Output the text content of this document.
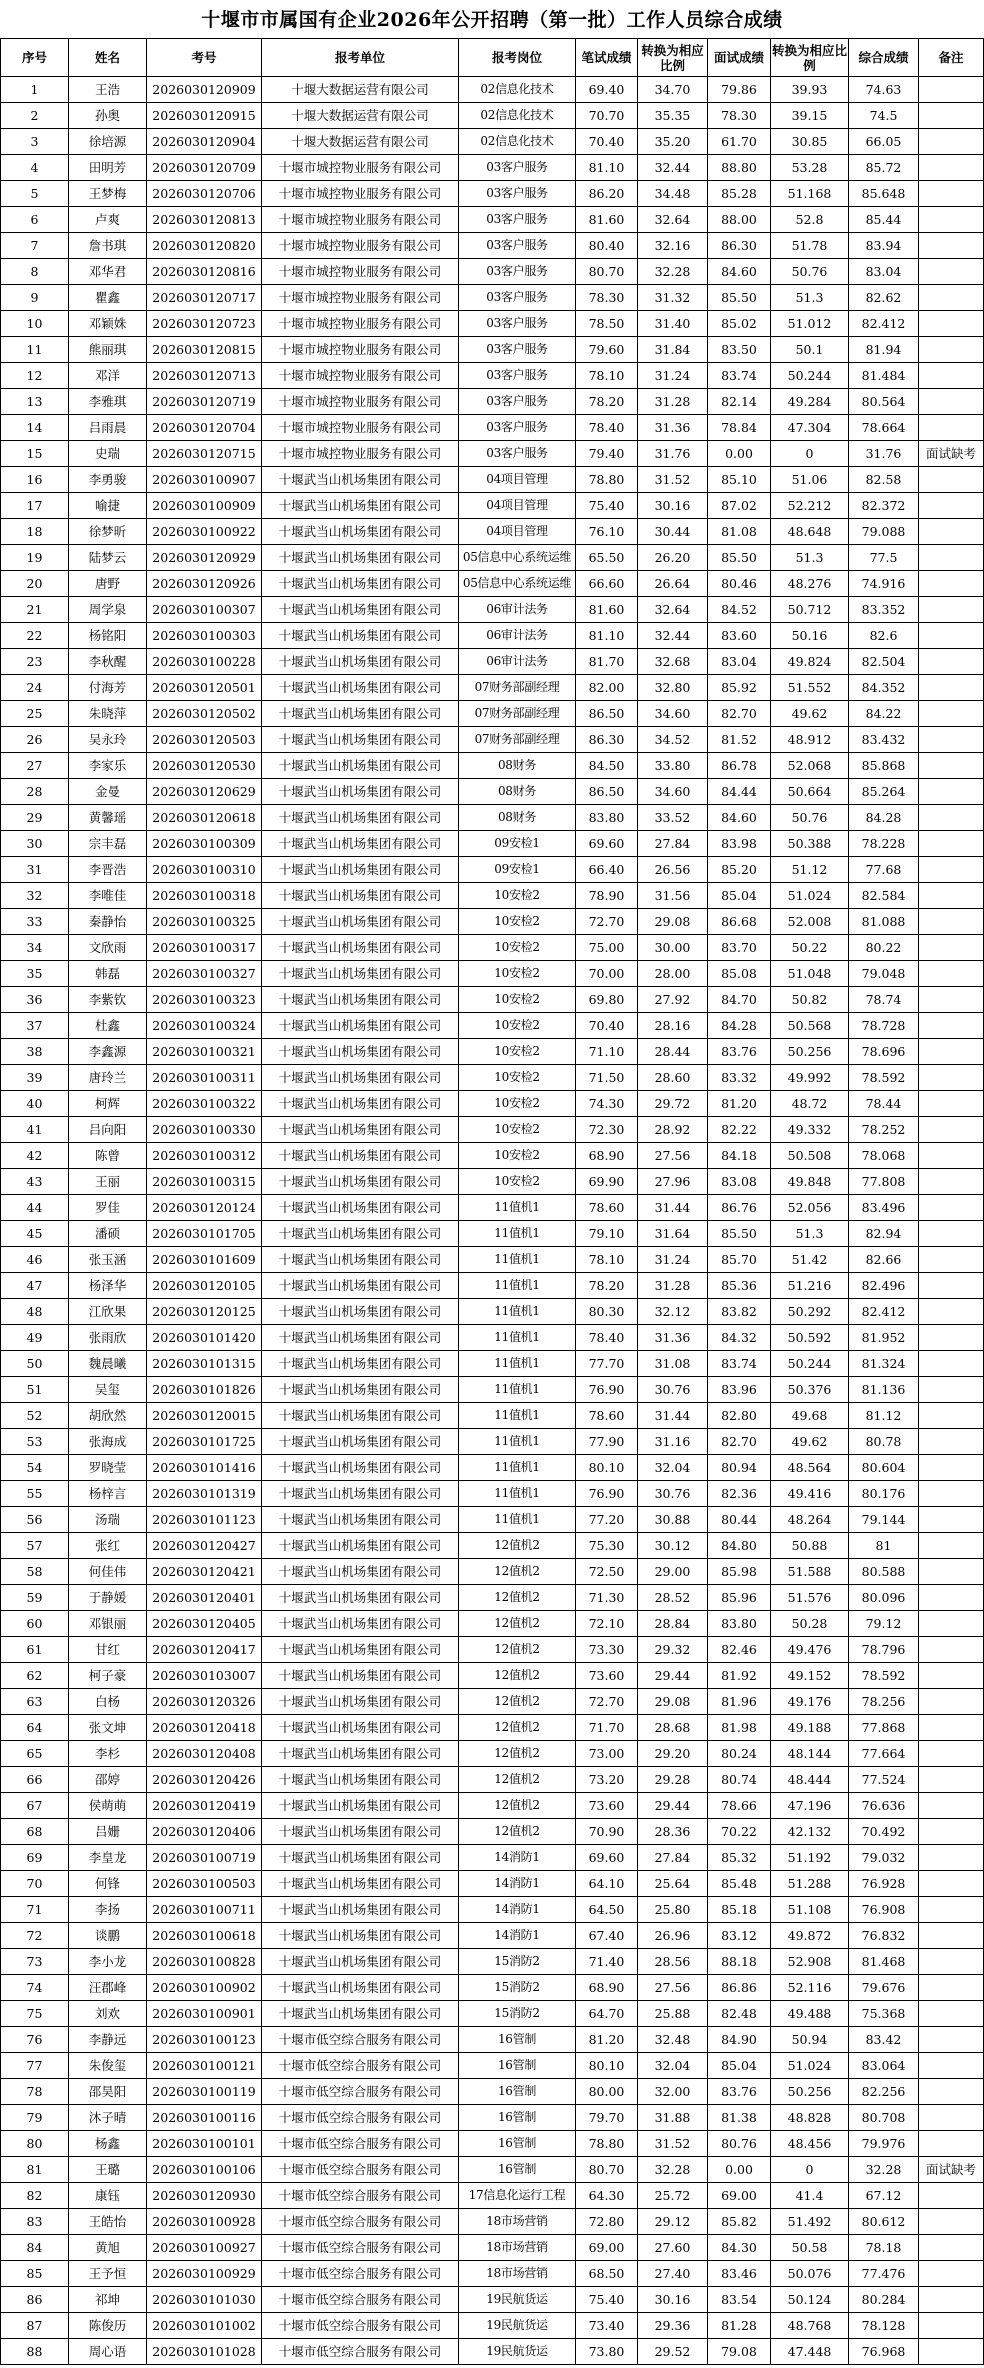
十堰市市属国有企业2026年公开招聘（第一批）工作人员综合成绩
序号	姓名	考号	报考单位	报考岗位	笔试成绩	转换为相应比例	面试成绩	转换为相应比例	综合成绩	备注
1	王浩	2026030120909	十堰大数据运营有限公司	02信息化技术	69.40	34.70	79.86	39.93	74.63	
2	孙奥	2026030120915	十堰大数据运营有限公司	02信息化技术	70.70	35.35	78.30	39.15	74.5	
3	徐培源	2026030120904	十堰大数据运营有限公司	02信息化技术	70.40	35.20	61.70	30.85	66.05	
4	田明芳	2026030120709	十堰市城控物业服务有限公司	03客户服务	81.10	32.44	88.80	53.28	85.72	
5	王梦梅	2026030120706	十堰市城控物业服务有限公司	03客户服务	86.20	34.48	85.28	51.168	85.648	
6	卢爽	2026030120813	十堰市城控物业服务有限公司	03客户服务	81.60	32.64	88.00	52.8	85.44	
7	詹书琪	2026030120820	十堰市城控物业服务有限公司	03客户服务	80.40	32.16	86.30	51.78	83.94	
8	邓华君	2026030120816	十堰市城控物业服务有限公司	03客户服务	80.70	32.28	84.60	50.76	83.04	
9	瞿鑫	2026030120717	十堰市城控物业服务有限公司	03客户服务	78.30	31.32	85.50	51.3	82.62	
10	邓颖姝	2026030120723	十堰市城控物业服务有限公司	03客户服务	78.50	31.40	85.02	51.012	82.412	
11	熊丽琪	2026030120815	十堰市城控物业服务有限公司	03客户服务	79.60	31.84	83.50	50.1	81.94	
12	邓洋	2026030120713	十堰市城控物业服务有限公司	03客户服务	78.10	31.24	83.74	50.244	81.484	
13	李雅琪	2026030120719	十堰市城控物业服务有限公司	03客户服务	78.20	31.28	82.14	49.284	80.564	
14	吕雨晨	2026030120704	十堰市城控物业服务有限公司	03客户服务	78.40	31.36	78.84	47.304	78.664	
15	史瑞	2026030120715	十堰市城控物业服务有限公司	03客户服务	79.40	31.76	0.00	0	31.76	面试缺考
16	李勇骏	2026030100907	十堰武当山机场集团有限公司	04项目管理	78.80	31.52	85.10	51.06	82.58	
17	喻捷	2026030100909	十堰武当山机场集团有限公司	04项目管理	75.40	30.16	87.02	52.212	82.372	
18	徐梦昕	2026030100922	十堰武当山机场集团有限公司	04项目管理	76.10	30.44	81.08	48.648	79.088	
19	陆梦云	2026030120929	十堰武当山机场集团有限公司	05信息中心系统运维	65.50	26.20	85.50	51.3	77.5	
20	唐野	2026030120926	十堰武当山机场集团有限公司	05信息中心系统运维	66.60	26.64	80.46	48.276	74.916	
21	周学泉	2026030100307	十堰武当山机场集团有限公司	06审计法务	81.60	32.64	84.52	50.712	83.352	
22	杨铭阳	2026030100303	十堰武当山机场集团有限公司	06审计法务	81.10	32.44	83.60	50.16	82.6	
23	李秋醒	2026030100228	十堰武当山机场集团有限公司	06审计法务	81.70	32.68	83.04	49.824	82.504	
24	付海芳	2026030120501	十堰武当山机场集团有限公司	07财务部副经理	82.00	32.80	85.92	51.552	84.352	
25	朱晓萍	2026030120502	十堰武当山机场集团有限公司	07财务部副经理	86.50	34.60	82.70	49.62	84.22	
26	吴永玲	2026030120503	十堰武当山机场集团有限公司	07财务部副经理	86.30	34.52	81.52	48.912	83.432	
27	李家乐	2026030120530	十堰武当山机场集团有限公司	08财务	84.50	33.80	86.78	52.068	85.868	
28	金曼	2026030120629	十堰武当山机场集团有限公司	08财务	86.50	34.60	84.44	50.664	85.264	
29	黄馨瑶	2026030120618	十堰武当山机场集团有限公司	08财务	83.80	33.52	84.60	50.76	84.28	
30	宗丰磊	2026030100309	十堰武当山机场集团有限公司	09安检1	69.60	27.84	83.98	50.388	78.228	
31	李晋浩	2026030100310	十堰武当山机场集团有限公司	09安检1	66.40	26.56	85.20	51.12	77.68	
32	李唯佳	2026030100318	十堰武当山机场集团有限公司	10安检2	78.90	31.56	85.04	51.024	82.584	
33	秦静怡	2026030100325	十堰武当山机场集团有限公司	10安检2	72.70	29.08	86.68	52.008	81.088	
34	文欣雨	2026030100317	十堰武当山机场集团有限公司	10安检2	75.00	30.00	83.70	50.22	80.22	
35	韩磊	2026030100327	十堰武当山机场集团有限公司	10安检2	70.00	28.00	85.08	51.048	79.048	
36	李紫钦	2026030100323	十堰武当山机场集团有限公司	10安检2	69.80	27.92	84.70	50.82	78.74	
37	杜鑫	2026030100324	十堰武当山机场集团有限公司	10安检2	70.40	28.16	84.28	50.568	78.728	
38	李鑫源	2026030100321	十堰武当山机场集团有限公司	10安检2	71.10	28.44	83.76	50.256	78.696	
39	唐玲兰	2026030100311	十堰武当山机场集团有限公司	10安检2	71.50	28.60	83.32	49.992	78.592	
40	柯辉	2026030100322	十堰武当山机场集团有限公司	10安检2	74.30	29.72	81.20	48.72	78.44	
41	吕向阳	2026030100330	十堰武当山机场集团有限公司	10安检2	72.30	28.92	82.22	49.332	78.252	
42	陈曾	2026030100312	十堰武当山机场集团有限公司	10安检2	68.90	27.56	84.18	50.508	78.068	
43	王丽	2026030100315	十堰武当山机场集团有限公司	10安检2	69.90	27.96	83.08	49.848	77.808	
44	罗佳	2026030120124	十堰武当山机场集团有限公司	11值机1	78.60	31.44	86.76	52.056	83.496	
45	潘硕	2026030101705	十堰武当山机场集团有限公司	11值机1	79.10	31.64	85.50	51.3	82.94	
46	张玉涵	2026030101609	十堰武当山机场集团有限公司	11值机1	78.10	31.24	85.70	51.42	82.66	
47	杨泽华	2026030120105	十堰武当山机场集团有限公司	11值机1	78.20	31.28	85.36	51.216	82.496	
48	江欣果	2026030120125	十堰武当山机场集团有限公司	11值机1	80.30	32.12	83.82	50.292	82.412	
49	张雨欣	2026030101420	十堰武当山机场集团有限公司	11值机1	78.40	31.36	84.32	50.592	81.952	
50	魏晨曦	2026030101315	十堰武当山机场集团有限公司	11值机1	77.70	31.08	83.74	50.244	81.324	
51	吴玺	2026030101826	十堰武当山机场集团有限公司	11值机1	76.90	30.76	83.96	50.376	81.136	
52	胡欣然	2026030120015	十堰武当山机场集团有限公司	11值机1	78.60	31.44	82.80	49.68	81.12	
53	张海成	2026030101725	十堰武当山机场集团有限公司	11值机1	77.90	31.16	82.70	49.62	80.78	
54	罗晓莹	2026030101416	十堰武当山机场集团有限公司	11值机1	80.10	32.04	80.94	48.564	80.604	
55	杨梓言	2026030101319	十堰武当山机场集团有限公司	11值机1	76.90	30.76	82.36	49.416	80.176	
56	汤瑞	2026030101123	十堰武当山机场集团有限公司	11值机1	77.20	30.88	80.44	48.264	79.144	
57	张红	2026030120427	十堰武当山机场集团有限公司	12值机2	75.30	30.12	84.80	50.88	81	
58	何佳伟	2026030120421	十堰武当山机场集团有限公司	12值机2	72.50	29.00	85.98	51.588	80.588	
59	于静媛	2026030120401	十堰武当山机场集团有限公司	12值机2	71.30	28.52	85.96	51.576	80.096	
60	邓银丽	2026030120405	十堰武当山机场集团有限公司	12值机2	72.10	28.84	83.80	50.28	79.12	
61	甘红	2026030120417	十堰武当山机场集团有限公司	12值机2	73.30	29.32	82.46	49.476	78.796	
62	柯子豪	2026030103007	十堰武当山机场集团有限公司	12值机2	73.60	29.44	81.92	49.152	78.592	
63	白杨	2026030120326	十堰武当山机场集团有限公司	12值机2	72.70	29.08	81.96	49.176	78.256	
64	张文坤	2026030120418	十堰武当山机场集团有限公司	12值机2	71.70	28.68	81.98	49.188	77.868	
65	李杉	2026030120408	十堰武当山机场集团有限公司	12值机2	73.00	29.20	80.24	48.144	77.664	
66	邵婷	2026030120426	十堰武当山机场集团有限公司	12值机2	73.20	29.28	80.74	48.444	77.524	
67	侯萌萌	2026030120419	十堰武当山机场集团有限公司	12值机2	73.60	29.44	78.66	47.196	76.636	
68	吕姗	2026030120406	十堰武当山机场集团有限公司	12值机2	70.90	28.36	70.22	42.132	70.492	
69	李皇龙	2026030100719	十堰武当山机场集团有限公司	14消防1	69.60	27.84	85.32	51.192	79.032	
70	何锋	2026030100503	十堰武当山机场集团有限公司	14消防1	64.10	25.64	85.48	51.288	76.928	
71	李扬	2026030100711	十堰武当山机场集团有限公司	14消防1	64.50	25.80	85.18	51.108	76.908	
72	谈鹏	2026030100618	十堰武当山机场集团有限公司	14消防1	67.40	26.96	83.12	49.872	76.832	
73	李小龙	2026030100828	十堰武当山机场集团有限公司	15消防2	71.40	28.56	88.18	52.908	81.468	
74	汪郡峰	2026030100902	十堰武当山机场集团有限公司	15消防2	68.90	27.56	86.86	52.116	79.676	
75	刘欢	2026030100901	十堰武当山机场集团有限公司	15消防2	64.70	25.88	82.48	49.488	75.368	
76	李静远	2026030100123	十堰市低空综合服务有限公司	16管制	81.20	32.48	84.90	50.94	83.42	
77	朱俊玺	2026030100121	十堰市低空综合服务有限公司	16管制	80.10	32.04	85.04	51.024	83.064	
78	邵昊阳	2026030100119	十堰市低空综合服务有限公司	16管制	80.00	32.00	83.76	50.256	82.256	
79	沐子晴	2026030100116	十堰市低空综合服务有限公司	16管制	79.70	31.88	81.38	48.828	80.708	
80	杨鑫	2026030100101	十堰市低空综合服务有限公司	16管制	78.80	31.52	80.76	48.456	79.976	
81	王璐	2026030100106	十堰市低空综合服务有限公司	16管制	80.70	32.28	0.00	0	32.28	面试缺考
82	康钰	2026030120930	十堰市低空综合服务有限公司	17信息化运行工程	64.30	25.72	69.00	41.4	67.12	
83	王皓怡	2026030100928	十堰市低空综合服务有限公司	18市场营销	72.80	29.12	85.82	51.492	80.612	
84	黄旭	2026030100927	十堰市低空综合服务有限公司	18市场营销	69.00	27.60	84.30	50.58	78.18	
85	王予恒	2026030100929	十堰市低空综合服务有限公司	18市场营销	68.50	27.40	83.46	50.076	77.476	
86	祁坤	2026030101030	十堰市低空综合服务有限公司	19民航货运	75.40	30.16	83.54	50.124	80.284	
87	陈俊历	2026030101002	十堰市低空综合服务有限公司	19民航货运	73.40	29.36	81.28	48.768	78.128	
88	周心语	2026030101028	十堰市低空综合服务有限公司	19民航货运	73.80	29.52	79.08	47.448	76.968	
